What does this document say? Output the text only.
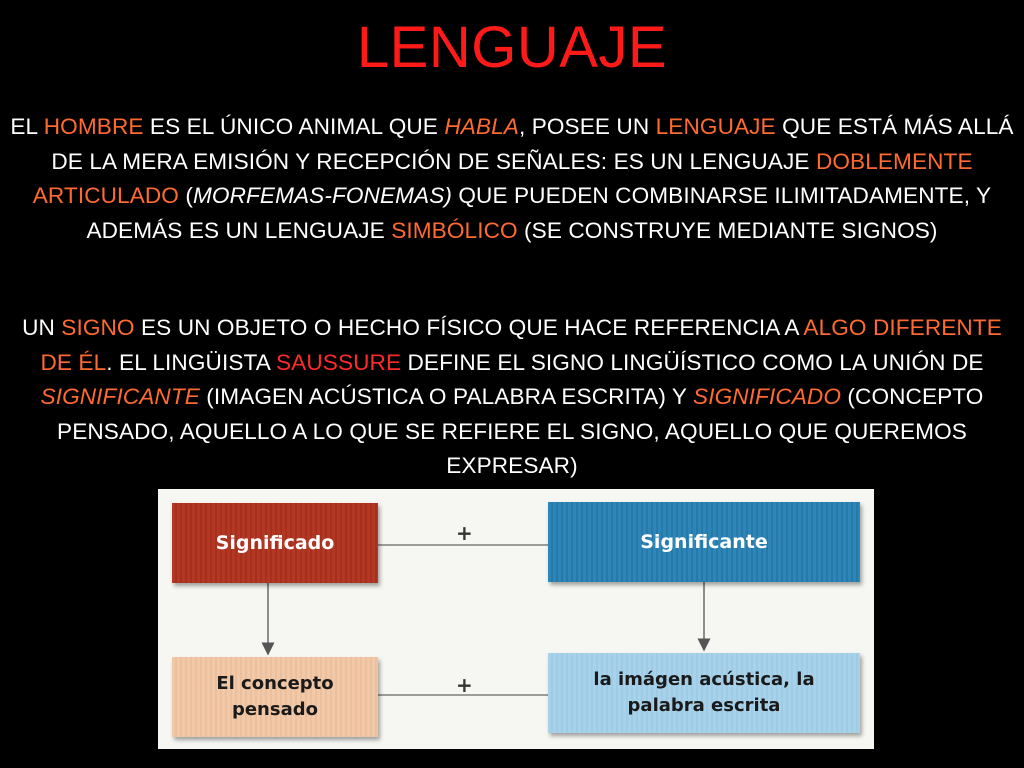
LENGUAJE
EL HOMBRE ES EL ÚNICO ANIMAL QUE HABLA, POSEE UN LENGUAJE QUE ESTÁ MÁS ALLÁ DE LA MERA EMISIÓN Y RECEPCIÓN DE SEÑALES: ES UN LENGUAJE DOBLEMENTE ARTICULADO (MORFEMAS-FONEMAS) QUE PUEDEN COMBINARSE ILIMITADAMENTE, Y ADEMÁS ES UN LENGUAJE SIMBÓLICO (SE CONSTRUYE MEDIANTE SIGNOS)
UN SIGNO ES UN OBJETO O HECHO FÍSICO QUE HACE REFERENCIA A ALGO DIFERENTE DE ÉL. EL LINGÜISTA SAUSSURE DEFINE EL SIGNO LINGÜÍSTICO COMO LA UNIÓN DE SIGNIFICANTE (IMAGEN ACÚSTICA O PALABRA ESCRITA) Y SIGNIFICADO (CONCEPTO PENSADO, AQUELLO A LO QUE SE REFIERE EL SIGNO, AQUELLO QUE QUEREMOS EXPRESAR)
Significado	Significante
El concepto
pensado
la imágen acústica, la
palabra escrita
+
+
